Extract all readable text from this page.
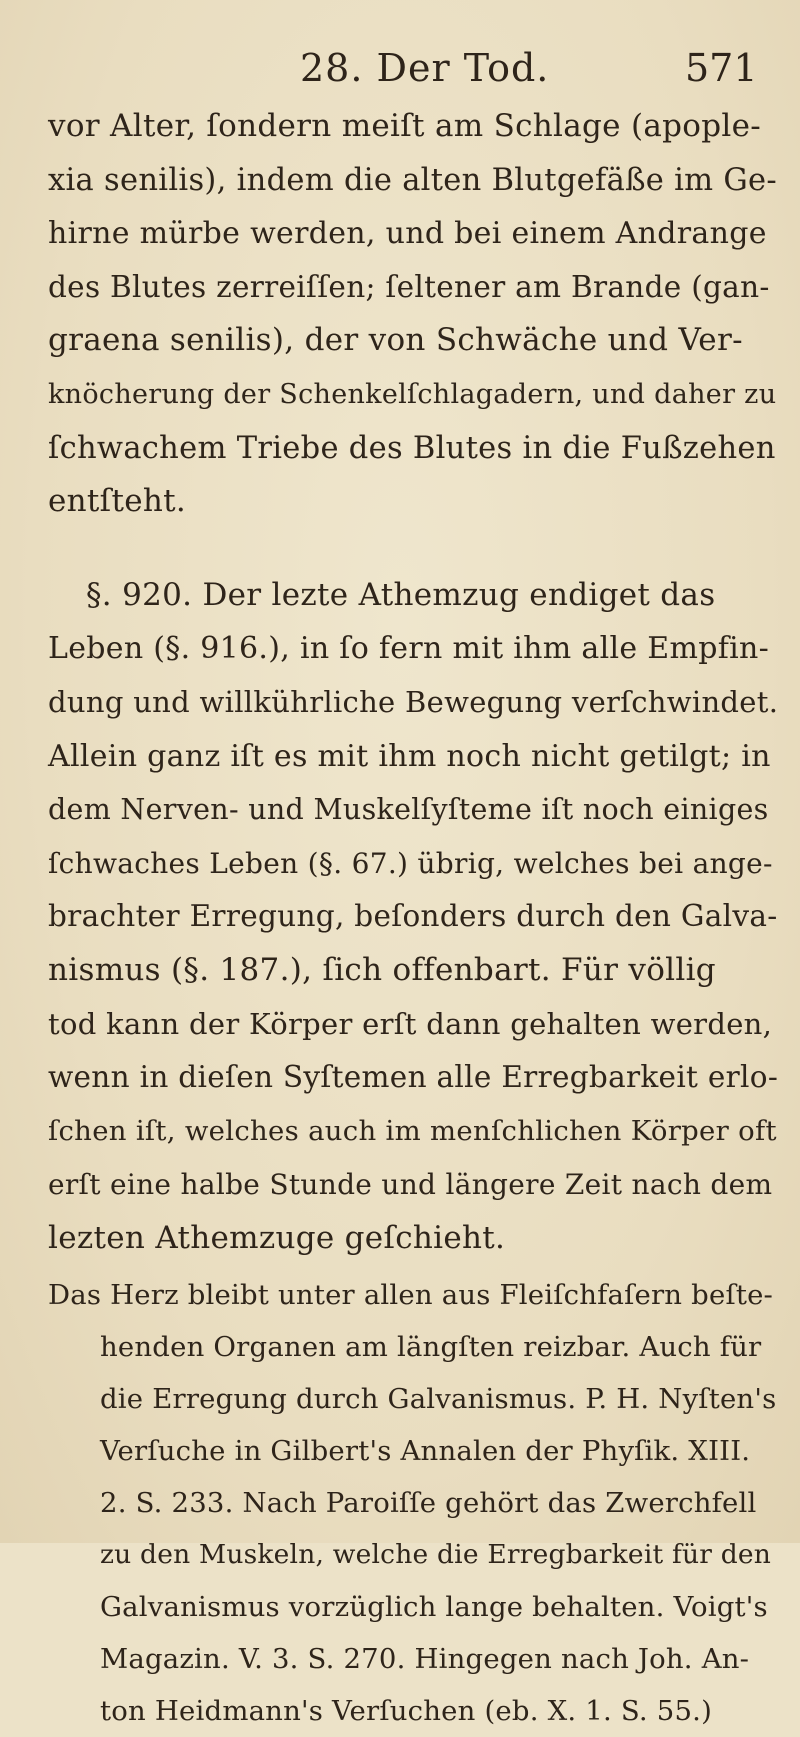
28. Der Tod.	571
vor Alter, ſondern meiſt am Schlage (apople-
xia senilis), indem die alten Blutgefäße im Ge-
hirne mürbe werden, und bei einem Andrange
des Blutes zerreiſſen; ſeltener am Brande (gan-
graena senilis), der von Schwäche und Ver-
knöcherung der Schenkelſchlagadern, und daher zu
ſchwachem Triebe des Blutes in die Fußzehen
entſteht.
§. 920. Der lezte Athemzug endiget das
Leben (§. 916.), in ſo fern mit ihm alle Empfin-
dung und willkührliche Bewegung verſchwindet.
Allein ganz iſt es mit ihm noch nicht getilgt; in
dem Nerven- und Muskelſyſteme iſt noch einiges
ſchwaches Leben (§. 67.) übrig, welches bei ange-
brachter Erregung, beſonders durch den Galva-
nismus (§. 187.), ſich offenbart. Für völlig
tod kann der Körper erſt dann gehalten werden,
wenn in dieſen Syſtemen alle Erregbarkeit erlo-
ſchen iſt, welches auch im menſchlichen Körper oft
erſt eine halbe Stunde und längere Zeit nach dem
lezten Athemzuge geſchieht.
Das Herz bleibt unter allen aus Fleiſchfaſern beſte-
henden Organen am längſten reizbar. Auch für
die Erregung durch Galvanismus. P. H. Nyſten's
Verſuche in Gilbert's Annalen der Phyſik. XIII.
2. S. 233. Nach Paroiſſe gehört das Zwerchfell
zu den Muskeln, welche die Erregbarkeit für den
Galvanismus vorzüglich lange behalten. Voigt's
Magazin. V. 3. S. 270. Hingegen nach Joh. An-
ton Heidmann's Verſuchen (eb. X. 1. S. 55.)
